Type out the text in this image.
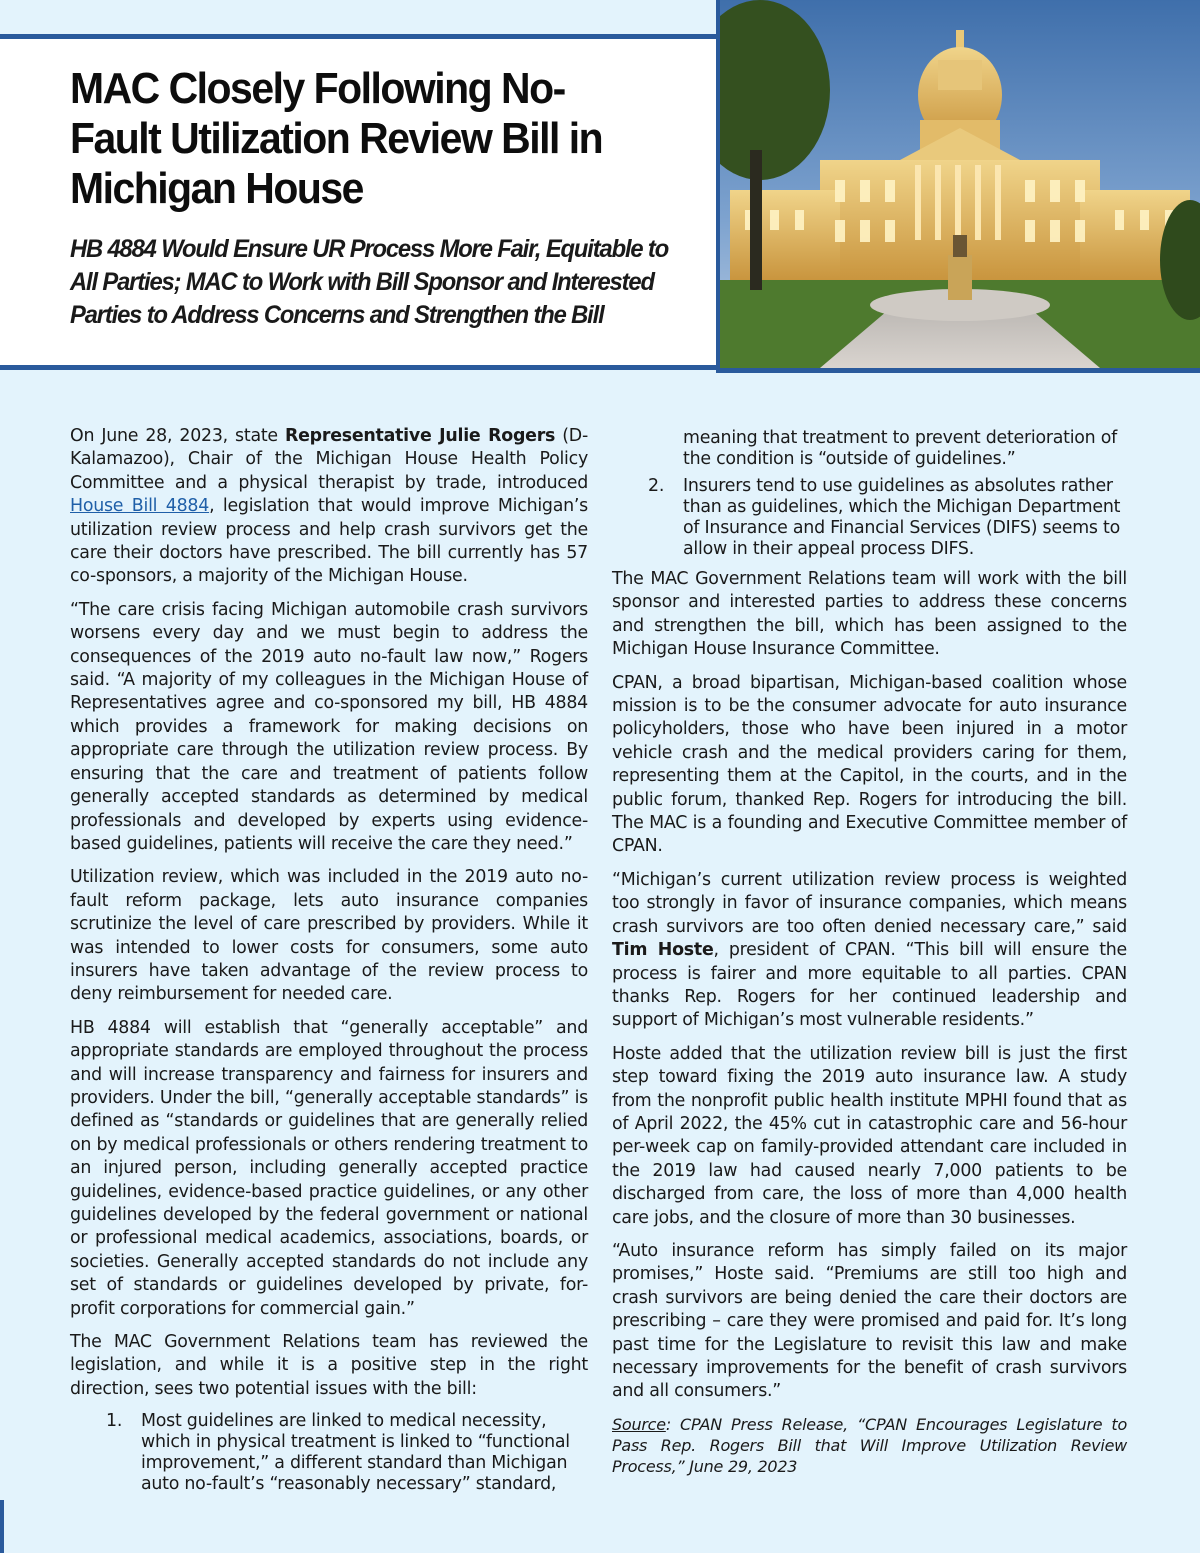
MAC Closely Following No-Fault Utilization Review Bill in Michigan House
HB 4884 Would Ensure UR Process More Fair, Equitable to All Parties; MAC to Work with Bill Sponsor and Interested Parties to Address Concerns and Strengthen the Bill

On June 28, 2023, state Representative Julie Rogers (D-Kalamazoo), Chair of the Michigan House Health Policy Committee and a physical therapist by trade, introduced House Bill 4884, legislation that would improve Michigan’s utilization review process and help crash survivors get the care their doctors have prescribed. The bill currently has 57 co-sponsors, a majority of the Michigan House.

“The care crisis facing Michigan automobile crash survivors worsens every day and we must begin to address the consequences of the 2019 auto no-fault law now,” Rogers said. “A majority of my colleagues in the Michigan House of Representatives agree and co-sponsored my bill, HB 4884 which provides a framework for making decisions on appropriate care through the utilization review process. By ensuring that the care and treatment of patients follow generally accepted standards as determined by medical professionals and developed by experts using evidence-based guidelines, patients will receive the care they need.”

Utilization review, which was included in the 2019 auto no-fault reform package, lets auto insurance companies scrutinize the level of care prescribed by providers. While it was intended to lower costs for consumers, some auto insurers have taken advantage of the review process to deny reimbursement for needed care.

HB 4884 will establish that “generally acceptable” and appropriate standards are employed throughout the process and will increase transparency and fairness for insurers and providers. Under the bill, “generally acceptable standards” is defined as “standards or guidelines that are generally relied on by medical professionals or others rendering treatment to an injured person, including generally accepted practice guidelines, evidence-based practice guidelines, or any other guidelines developed by the federal government or national or professional medical academics, associations, boards, or societies. Generally accepted standards do not include any set of standards or guidelines developed by private, for-profit corporations for commercial gain.”

The MAC Government Relations team has reviewed the legislation, and while it is a positive step in the right direction, sees two potential issues with the bill:

1. Most guidelines are linked to medical necessity, which in physical treatment is linked to “functional improvement,” a different standard than Michigan auto no-fault’s “reasonably necessary” standard,
meaning that treatment to prevent deterioration of the condition is “outside of guidelines.”
2. Insurers tend to use guidelines as absolutes rather than as guidelines, which the Michigan Department of Insurance and Financial Services (DIFS) seems to allow in their appeal process DIFS.

The MAC Government Relations team will work with the bill sponsor and interested parties to address these concerns and strengthen the bill, which has been assigned to the Michigan House Insurance Committee.

CPAN, a broad bipartisan, Michigan-based coalition whose mission is to be the consumer advocate for auto insurance policyholders, those who have been injured in a motor vehicle crash and the medical providers caring for them, representing them at the Capitol, in the courts, and in the public forum, thanked Rep. Rogers for introducing the bill. The MAC is a founding and Executive Committee member of CPAN.

“Michigan’s current utilization review process is weighted too strongly in favor of insurance companies, which means crash survivors are too often denied necessary care,” said Tim Hoste, president of CPAN. “This bill will ensure the process is fairer and more equitable to all parties. CPAN thanks Rep. Rogers for her continued leadership and support of Michigan’s most vulnerable residents.”

Hoste added that the utilization review bill is just the first step toward fixing the 2019 auto insurance law. A study from the nonprofit public health institute MPHI found that as of April 2022, the 45% cut in catastrophic care and 56-hour per-week cap on family-provided attendant care included in the 2019 law had caused nearly 7,000 patients to be discharged from care, the loss of more than 4,000 health care jobs, and the closure of more than 30 businesses.

“Auto insurance reform has simply failed on its major promises,” Hoste said. “Premiums are still too high and crash survivors are being denied the care their doctors are prescribing – care they were promised and paid for. It’s long past time for the Legislature to revisit this law and make necessary improvements for the benefit of crash survivors and all consumers.”

Source: CPAN Press Release, “CPAN Encourages Legislature to Pass Rep. Rogers Bill that Will Improve Utilization Review Process,” June 29, 2023
